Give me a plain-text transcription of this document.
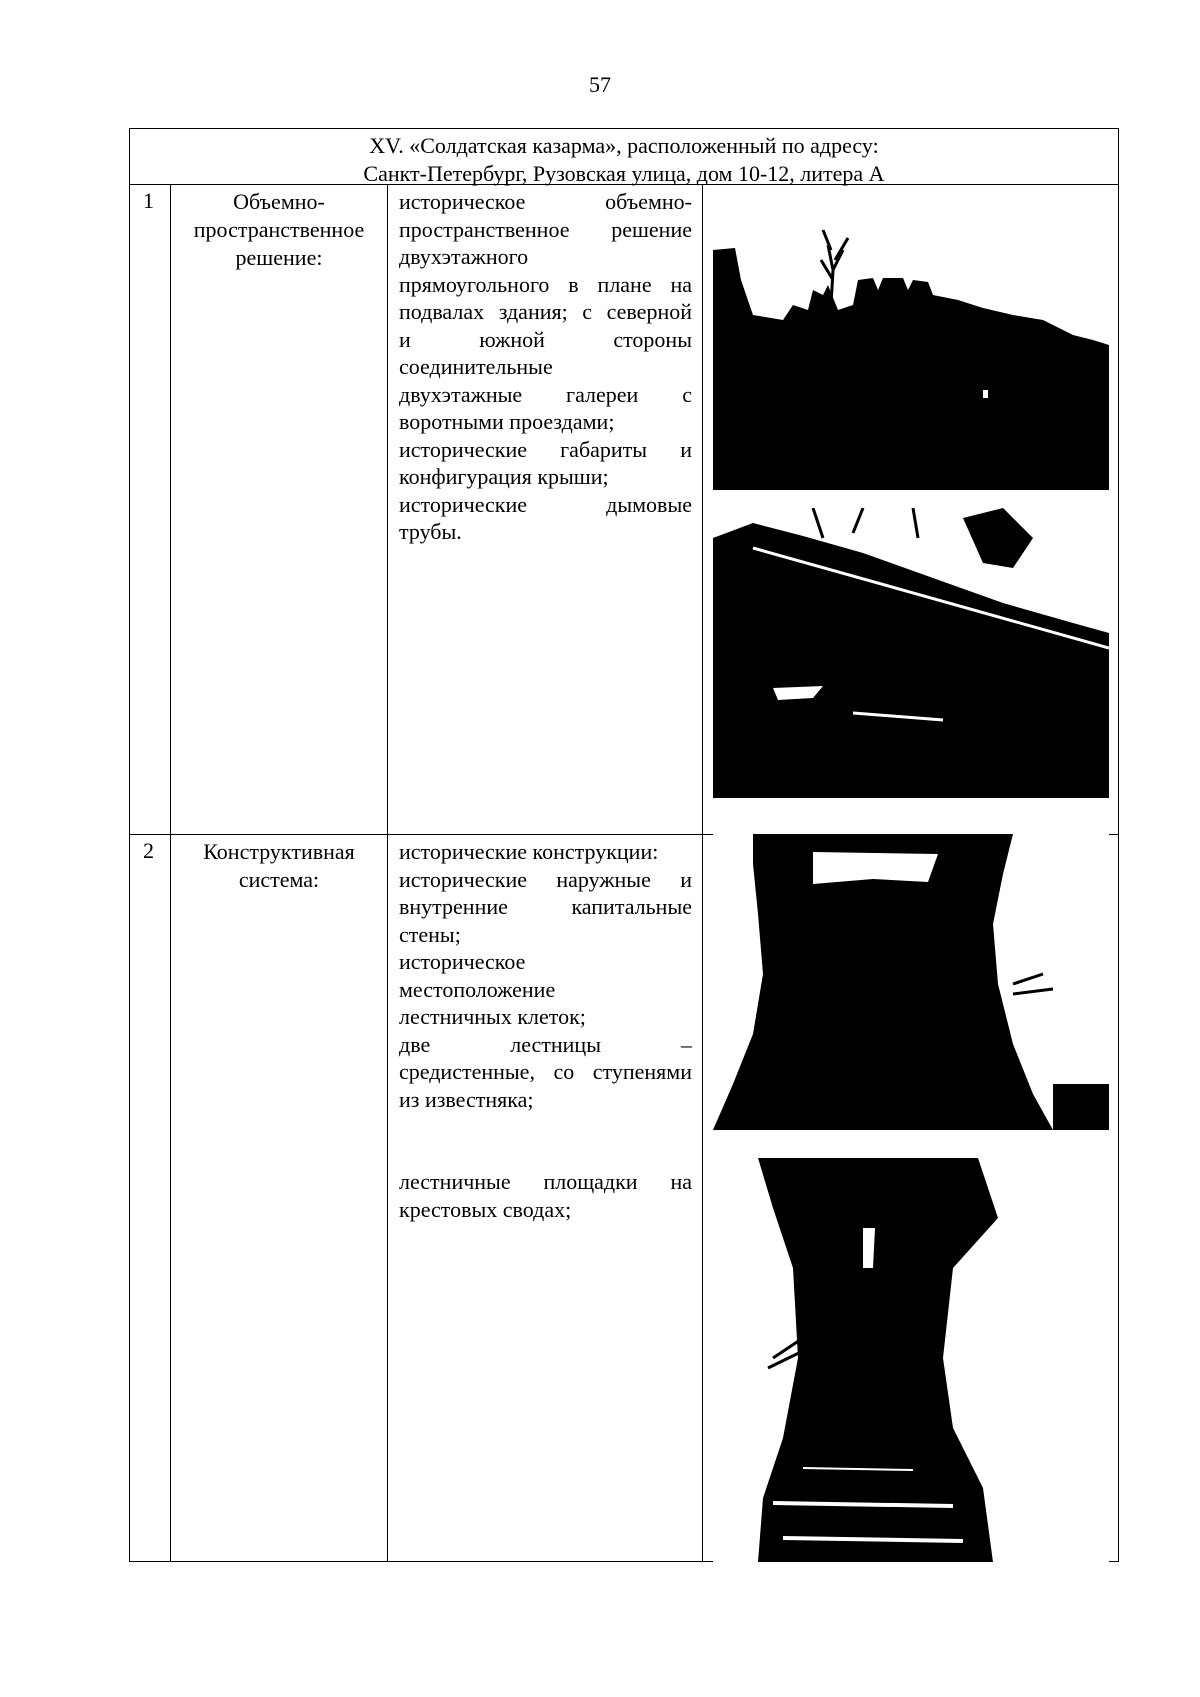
57
XV. «Солдатская казарма», расположенный по адресу:
Санкт-Петербург, Рузовская улица, дом 10-12, литера А
1	Объемно-
пространственное
решение:
историческое объемно-
пространственное решение
двухэтажного
прямоугольного в плане на
подвалах здания; с северной
и южной стороны
соединительные
двухэтажные галереи с
воротными проездами;
исторические габариты и
конфигурация крыши;
исторические дымовые
трубы.
2	Конструктивная
система:
исторические конструкции:
исторические наружные и
внутренние капитальные
стены;
историческое
местоположение
лестничных клеток;
две лестницы –
средистенные, со ступенями
из известняка;
лестничные площадки на
крестовых сводах;
